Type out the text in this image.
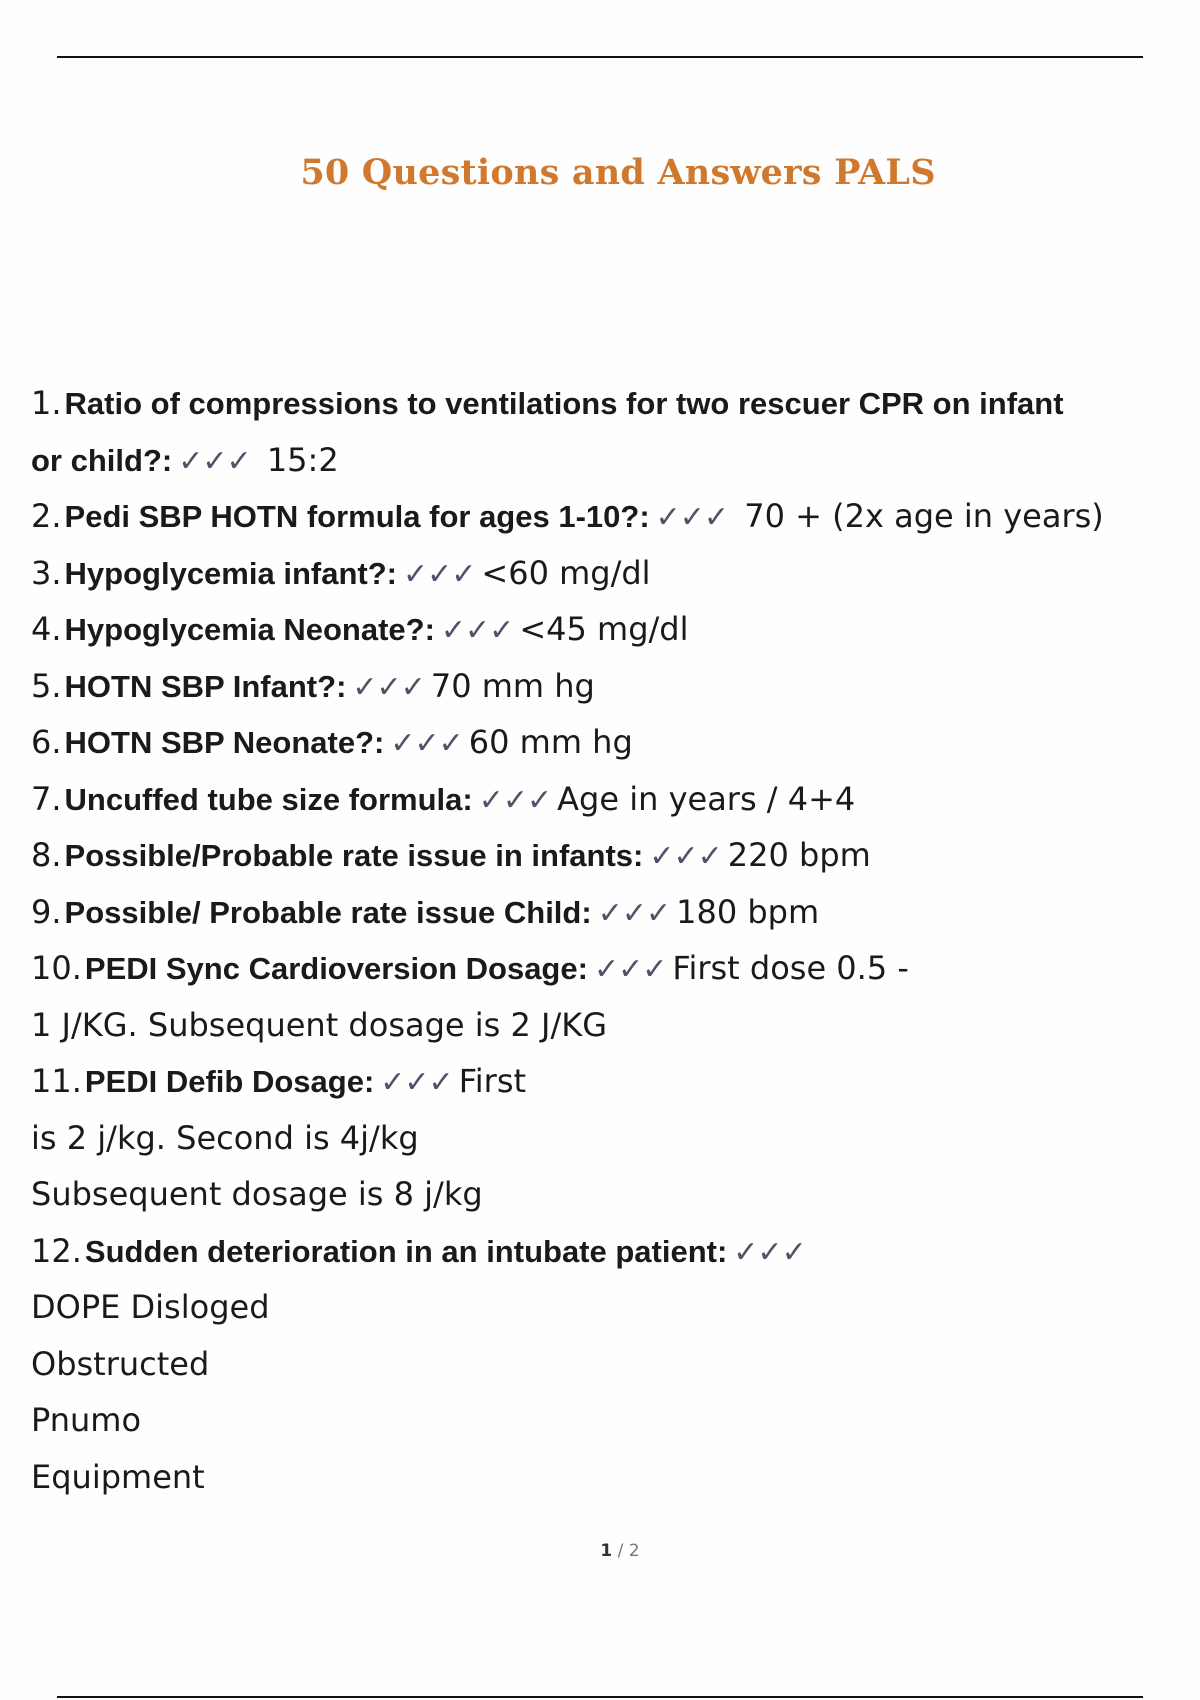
50 Questions and Answers PALS
1.Ratio of compressions to ventilations for two rescuer CPR on infant
or child?: ✓✓✓ 15:2
2.Pedi SBP HOTN formula for ages 1-10?: ✓✓✓ 70 + (2x age in years)
3.Hypoglycemia infant?: ✓✓✓ <60 mg/dl
4.Hypoglycemia Neonate?: ✓✓✓ <45 mg/dl
5.HOTN SBP Infant?: ✓✓✓ 70 mm hg
6.HOTN SBP Neonate?: ✓✓✓ 60 mm hg
7.Uncuffed tube size formula: ✓✓✓ Age in years / 4+4
8.Possible/Probable rate issue in infants: ✓✓✓ 220 bpm
9.Possible/ Probable rate issue Child: ✓✓✓ 180 bpm
10.PEDI Sync Cardioversion Dosage: ✓✓✓ First dose 0.5 -
1 J/KG. Subsequent dosage is 2 J/KG
11.PEDI Defib Dosage: ✓✓✓ First
is 2 j/kg. Second is 4j/kg
Subsequent dosage is 8 j/kg
12.Sudden deterioration in an intubate patient: ✓✓✓
DOPE Disloged
Obstructed
Pnumo
Equipment
1 / 2
